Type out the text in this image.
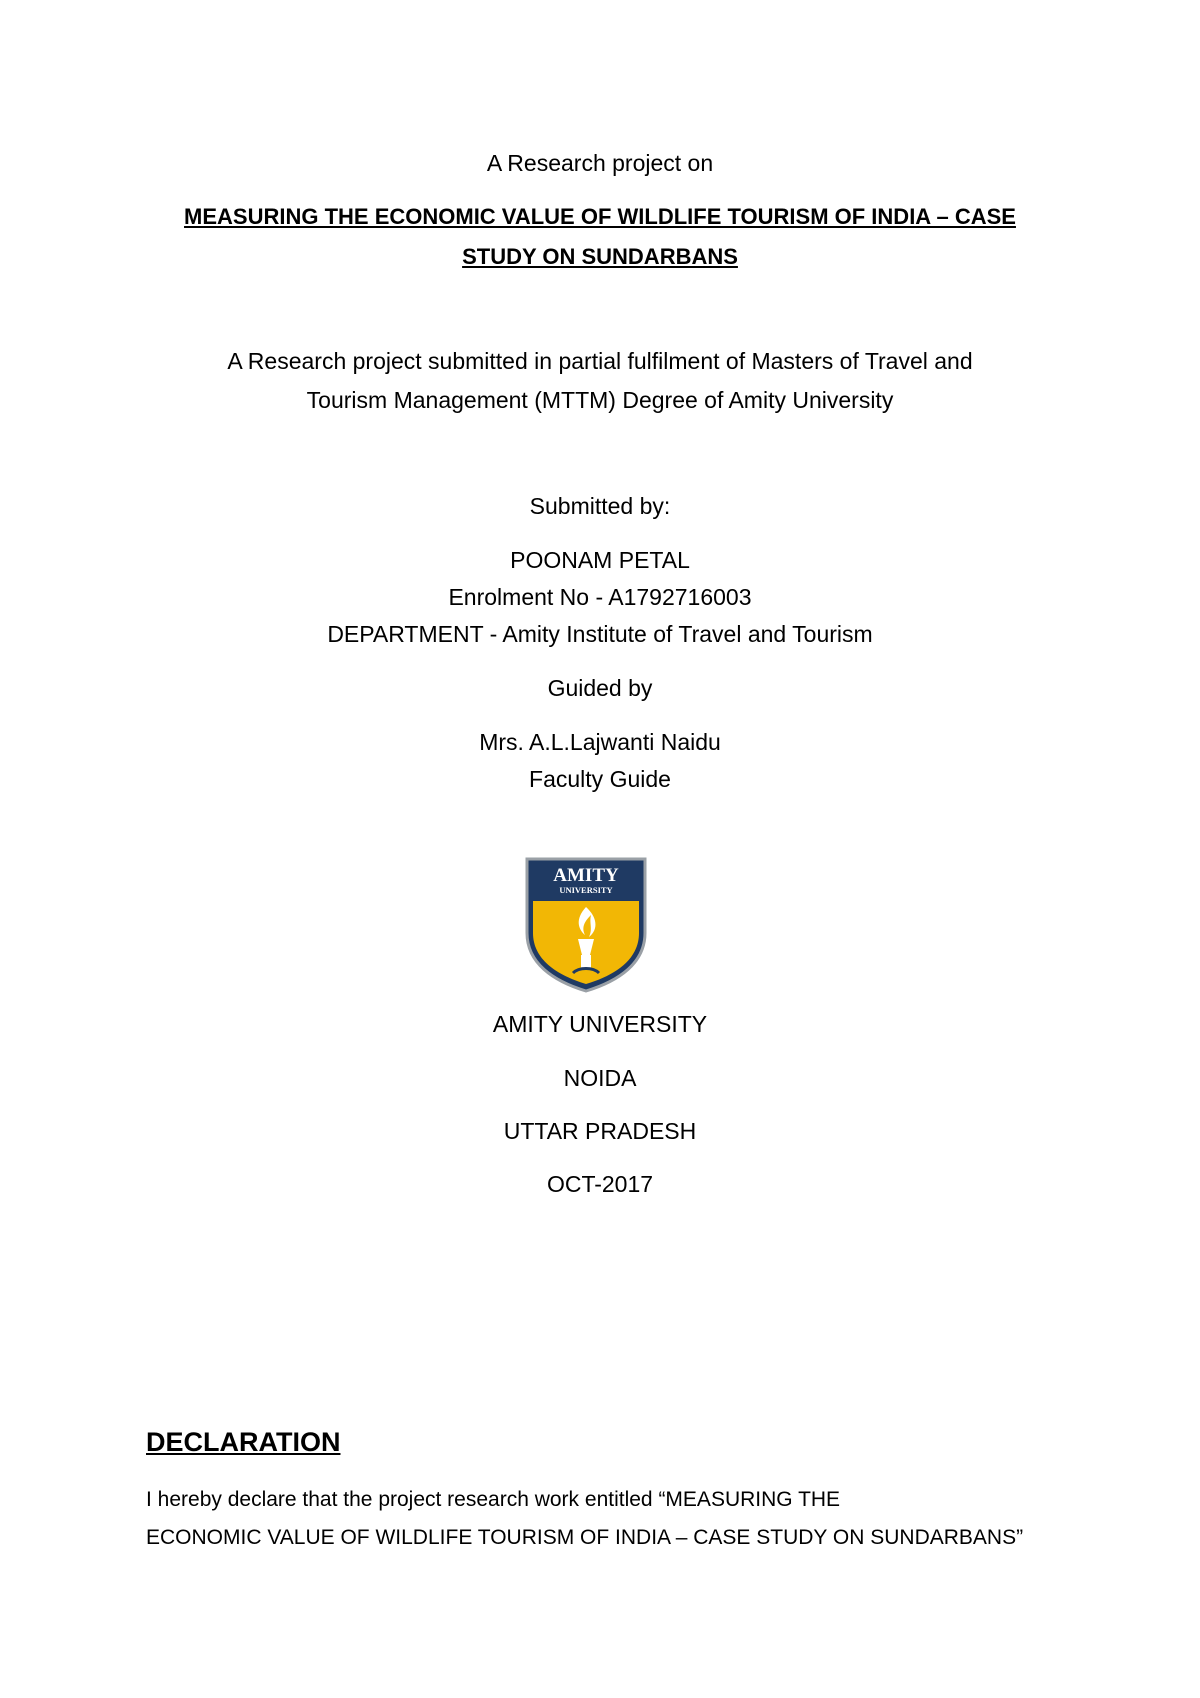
A Research project on
MEASURING THE ECONOMIC VALUE OF WILDLIFE TOURISM OF INDIA – CASE
STUDY ON SUNDARBANS
A Research project submitted in partial fulfilment of Masters of Travel and
Tourism Management (MTTM) Degree of Amity University
Submitted by:
POONAM PETAL
Enrolment No - A1792716003
DEPARTMENT - Amity Institute of Travel and Tourism
Guided by
Mrs. A.L.Lajwanti Naidu
Faculty Guide
AMITY
UNIVERSITY
AMITY UNIVERSITY
NOIDA
UTTAR PRADESH
OCT-2017
DECLARATION
I hereby declare that the project research work entitled “MEASURING THE
ECONOMIC VALUE OF WILDLIFE TOURISM OF INDIA – CASE STUDY ON SUNDARBANS”
